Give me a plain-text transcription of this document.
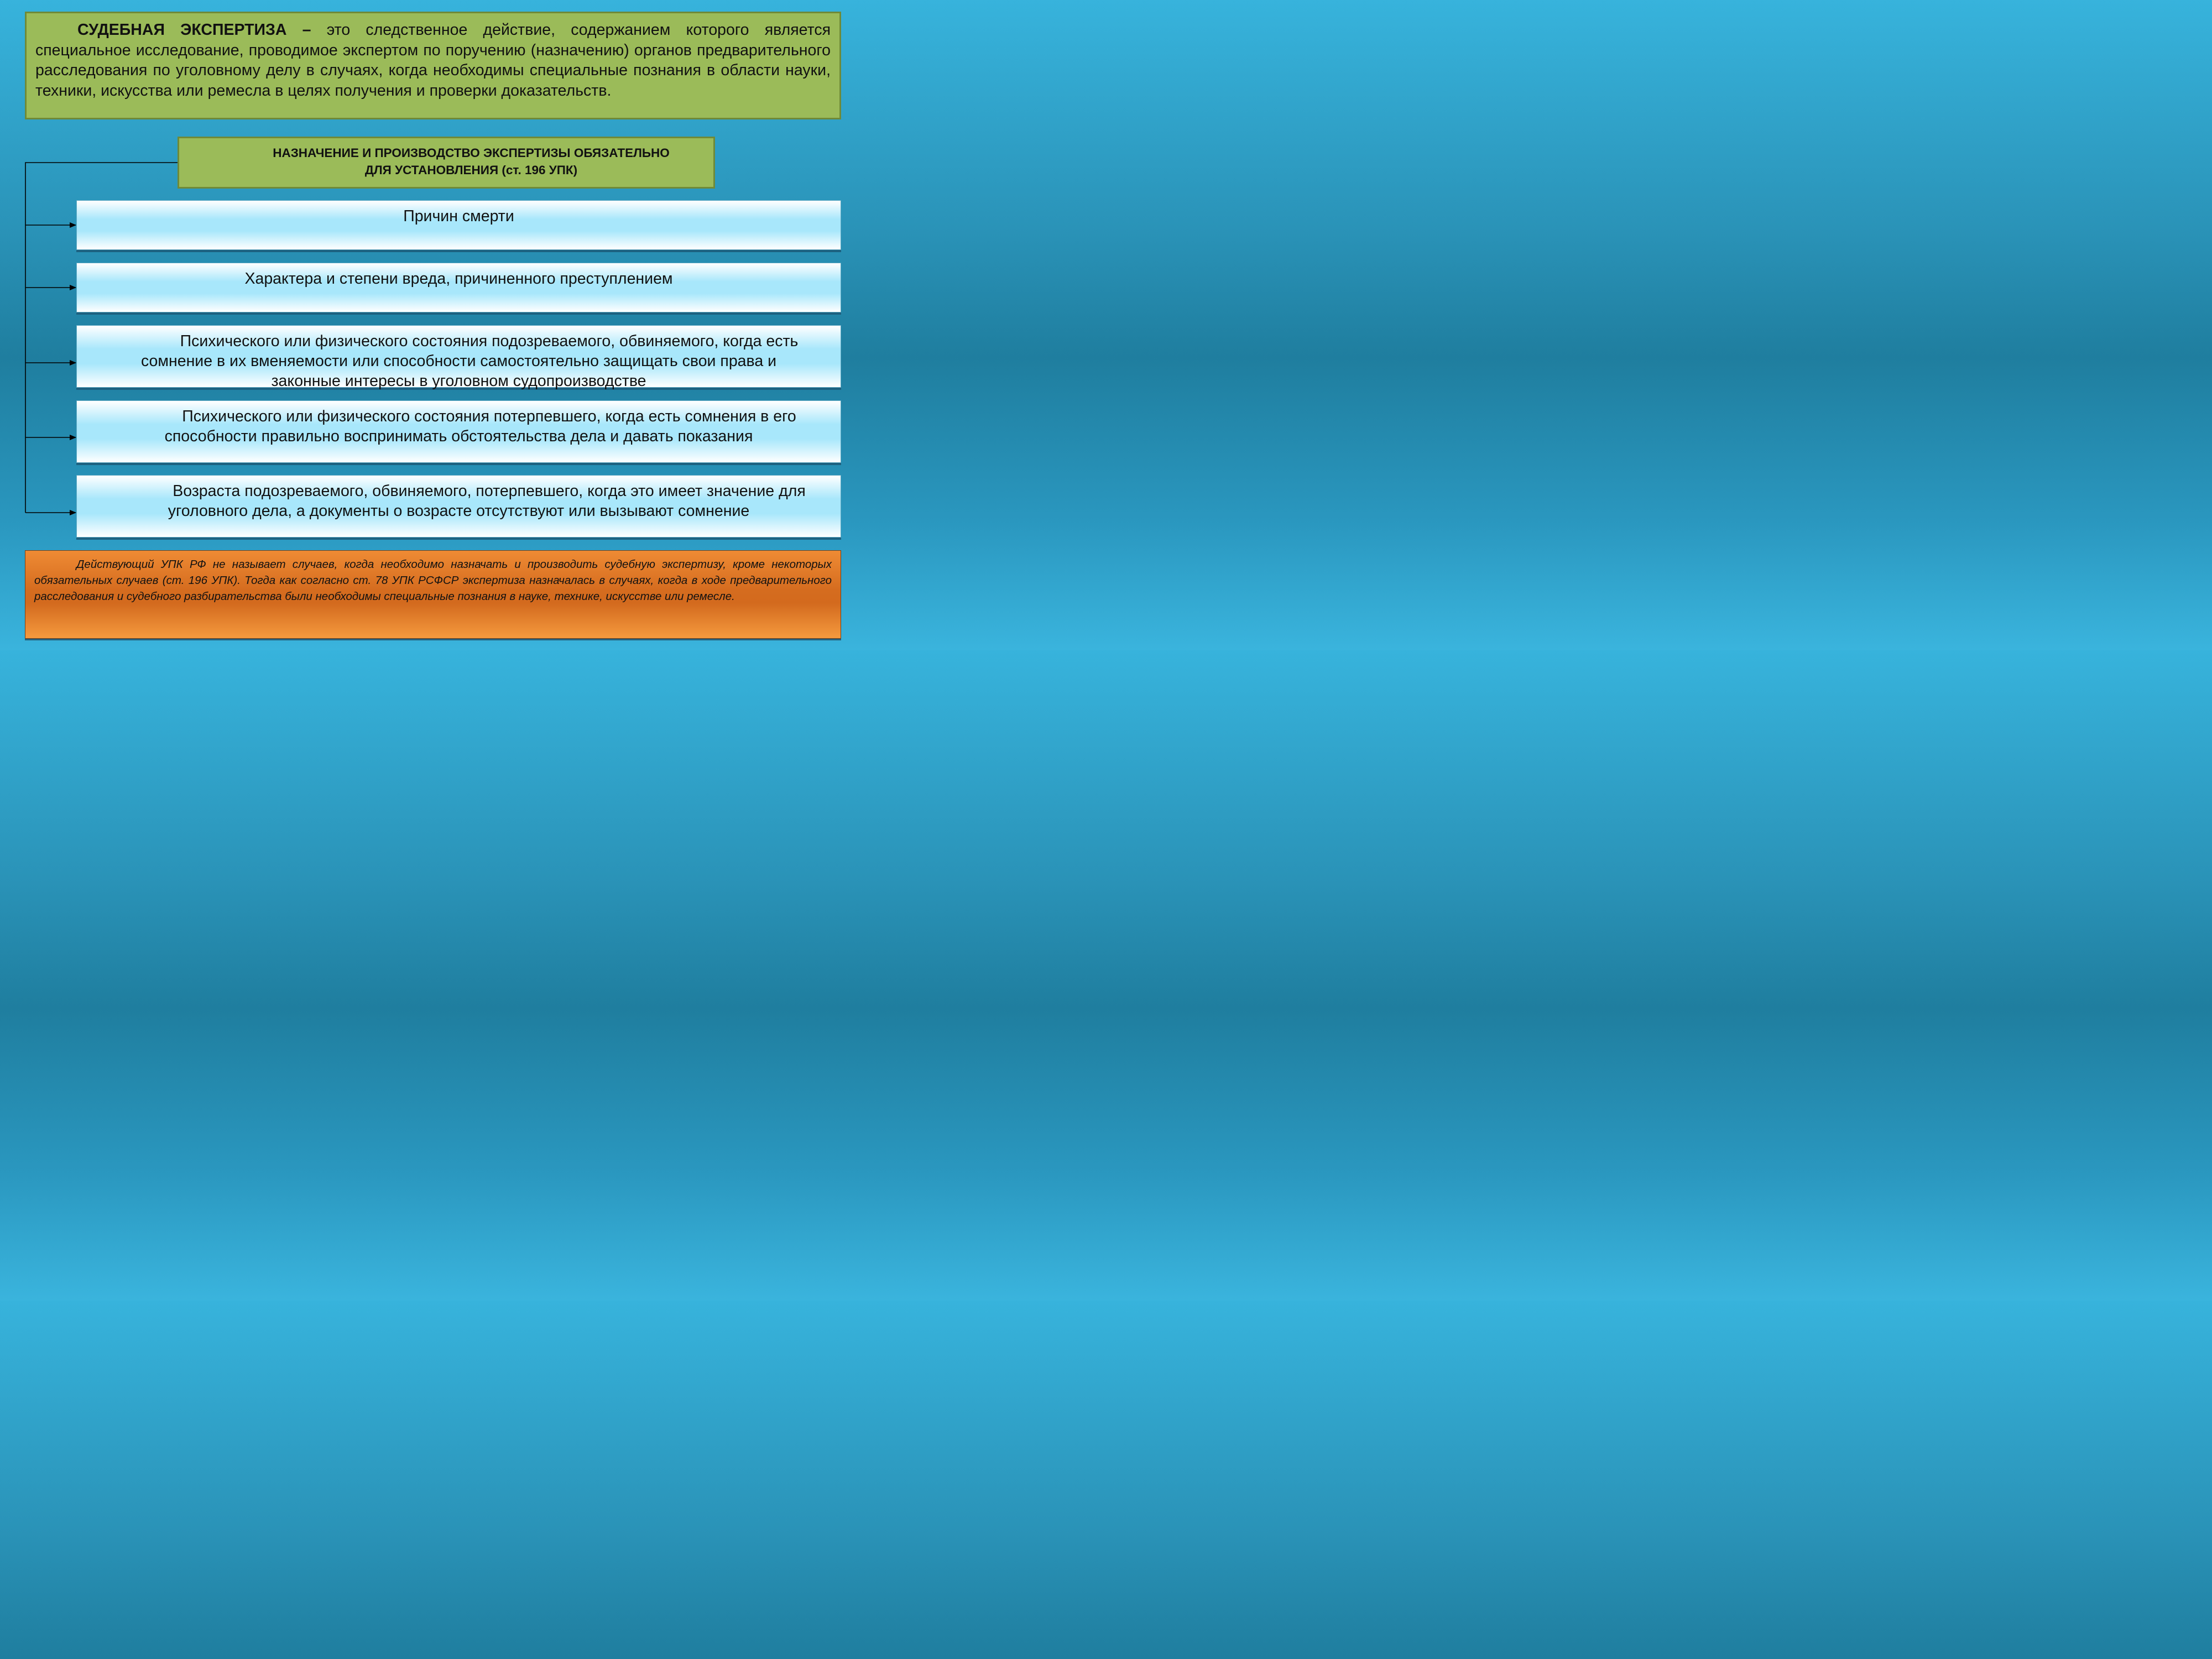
СУДЕБНАЯ ЭКСПЕРТИЗА – это следственное действие, содержанием которого является специальное исследование, проводимое экспертом по поручению (назначению) органов предварительного расследования по уголовному делу в случаях, когда необходимы специальные познания в области науки, техники, искусства или ремесла в целях получения и проверки доказательств.
НАЗНАЧЕНИЕ И ПРОИЗВОДСТВО ЭКСПЕРТИЗЫ ОБЯЗАТЕЛЬНО
ДЛЯ УСТАНОВЛЕНИЯ (ст. 196 УПК)
Причин смерти
Характера и степени вреда, причиненного преступлением
Психического или физического состояния подозреваемого, обвиняемого, когда есть
сомнение в их вменяемости или способности самостоятельно защищать свои права и
законные интересы в уголовном судопроизводстве
Психического или физического состояния потерпевшего, когда есть сомнения в его
способности правильно воспринимать обстоятельства дела и давать показания
Возраста подозреваемого, обвиняемого, потерпевшего, когда это имеет значение для
уголовного дела, а документы о возрасте отсутствуют или вызывают сомнение
Действующий УПК РФ не называет случаев, когда необходимо назначать и производить судебную экспертизу, кроме некоторых обязательных случаев (ст. 196 УПК). Тогда как согласно ст. 78 УПК РСФСР экспертиза назначалась в случаях, когда в ходе предварительного расследования и судебного разбирательства были необходимы специальные познания в науке, технике, искусстве или ремесле.
